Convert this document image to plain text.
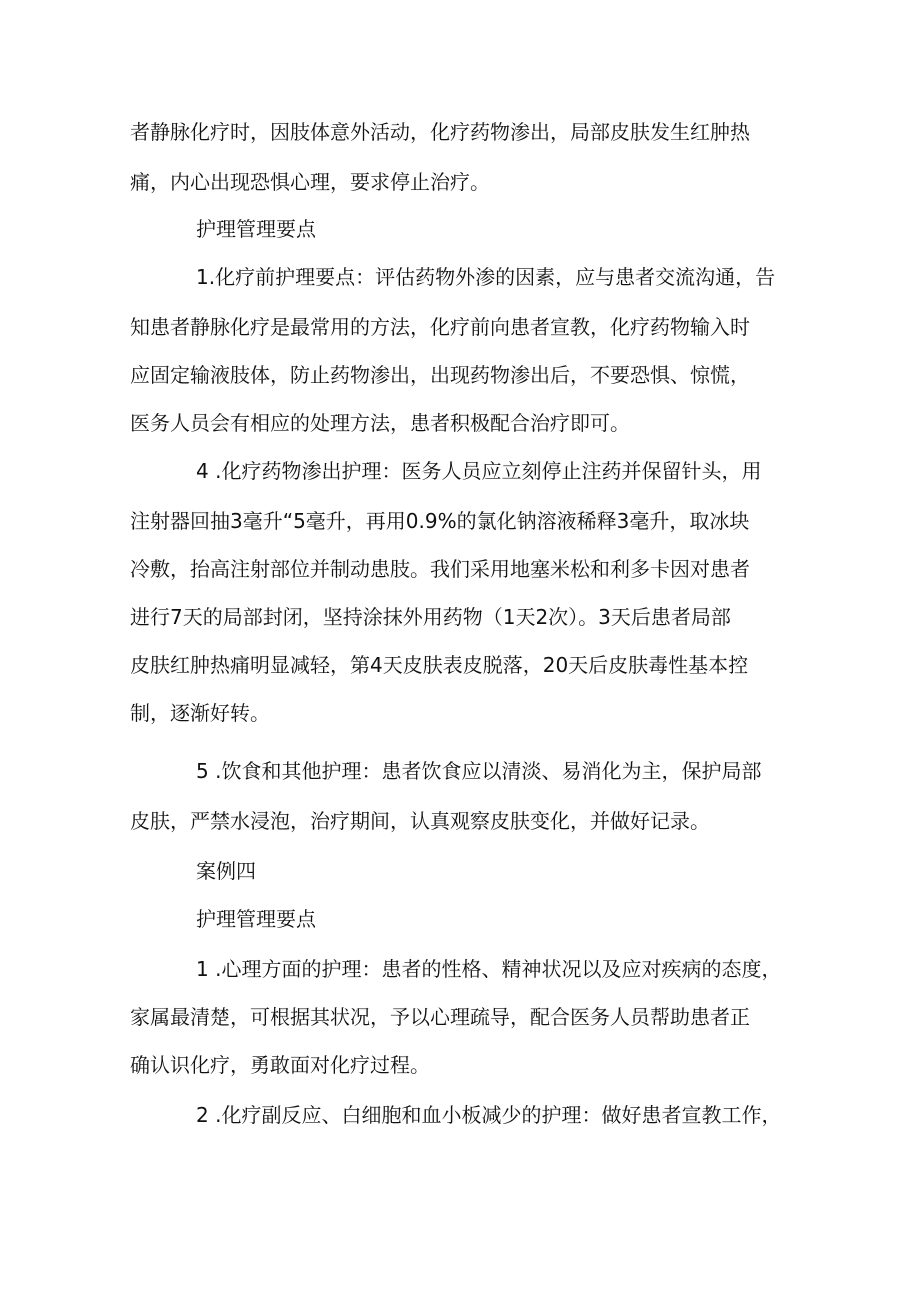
者静脉化疗时，因肢体意外活动，化疗药物渗出，局部皮肤发生红肿热
痛，内心出现恐惧心理，要求停止治疗。
护理管理要点
1.化疗前护理要点：评估药物外渗的因素，应与患者交流沟通，告
知患者静脉化疗是最常用的方法，化疗前向患者宣教，化疗药物输入时
应固定输液肢体，防止药物渗出，出现药物渗出后，不要恐惧、惊慌，
医务人员会有相应的处理方法，患者积极配合治疗即可。
4 .化疗药物渗出护理：医务人员应立刻停止注药并保留针头，用
注射器回抽3毫升“5毫升，再用0.9%的氯化钠溶液稀释3毫升，取冰块
冷敷，抬高注射部位并制动患肢。我们采用地塞米松和利多卡因对患者
进行7天的局部封闭，坚持涂抹外用药物（1天2次）。3天后患者局部
皮肤红肿热痛明显减轻，第4天皮肤表皮脱落，20天后皮肤毒性基本控
制，逐渐好转。
5 .饮食和其他护理：患者饮食应以清淡、易消化为主，保护局部
皮肤，严禁水浸泡，治疗期间，认真观察皮肤变化，并做好记录。
案例四
护理管理要点
1 .心理方面的护理：患者的性格、精神状况以及应对疾病的态度，
家属最清楚，可根据其状况，予以心理疏导，配合医务人员帮助患者正
确认识化疗，勇敢面对化疗过程。
2 .化疗副反应、白细胞和血小板减少的护理：做好患者宣教工作，
